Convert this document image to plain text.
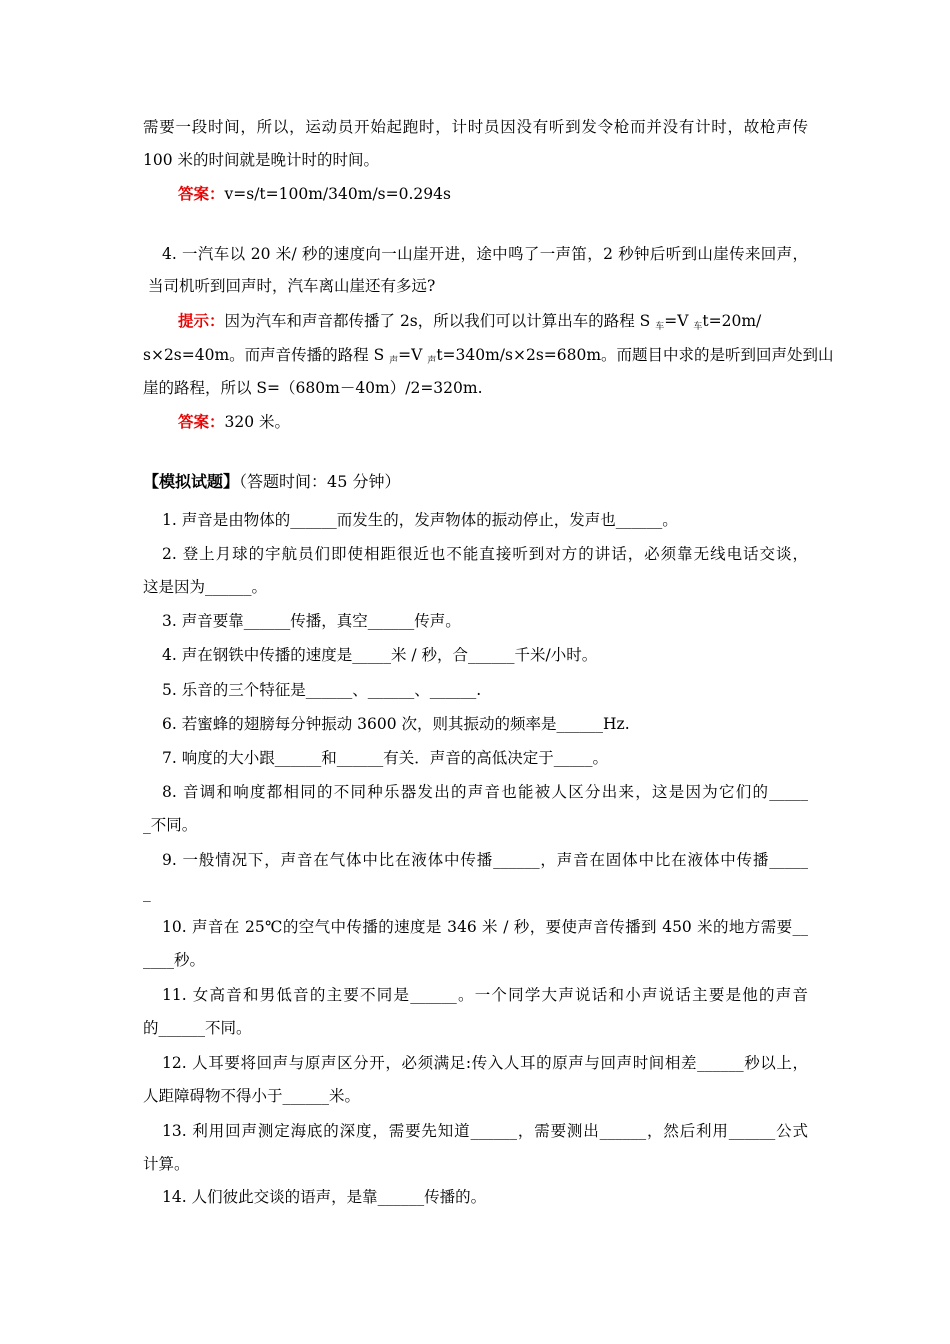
需要一段时间，所以，运动员开始起跑时，计时员因没有听到发令枪而并没有计时，故枪声传
100 米的时间就是晚计时的时间。
答案：v=s/t=100m/340m/s=0.294s
4. 一汽车以 20 米/ 秒的速度向一山崖开进，途中鸣了一声笛，2 秒钟后听到山崖传来回声，
当司机听到回声时，汽车离山崖还有多远?
提示：因为汽车和声音都传播了 2s，所以我们可以计算出车的路程 S 车=V 车t=20m/
s×2s=40m。而声音传播的路程 S 声=V 声t=340m/s×2s=680m。而题目中求的是听到回声处到山
崖的路程，所以 S=（680m－40m）/2=320m.
答案：320 米。
【模拟试题】（答题时间：45 分钟）
1. 声音是由物体的______而发生的，发声物体的振动停止，发声也______。
2. 登上月球的宇航员们即使相距很近也不能直接听到对方的讲话，必须靠无线电话交谈，
这是因为______。
3. 声音要靠______传播，真空______传声。
4. 声在钢铁中传播的速度是_____米 / 秒，合______千米/小时。
5. 乐音的三个特征是______、______、______.
6. 若蜜蜂的翅膀每分钟振动 3600 次，则其振动的频率是______Hz.
7. 响度的大小跟______和______有关．声音的高低决定于_____。
8. 音调和响度都相同的不同种乐器发出的声音也能被人区分出来，这是因为它们的_____
_不同。
9. 一般情况下，声音在气体中比在液体中传播______，声音在固体中比在液体中传播_____
_
10. 声音在 25℃的空气中传播的速度是 346 米 / 秒，要使声音传播到 450 米的地方需要__
____秒。
11. 女高音和男低音的主要不同是______。一个同学大声说话和小声说话主要是他的声音
的______不同。
12. 人耳要将回声与原声区分开，必须满足:传入人耳的原声与回声时间相差______秒以上，
人距障碍物不得小于______米。
13. 利用回声测定海底的深度，需要先知道______，需要测出______，然后利用______公式
计算。
14. 人们彼此交谈的语声，是靠______传播的。
